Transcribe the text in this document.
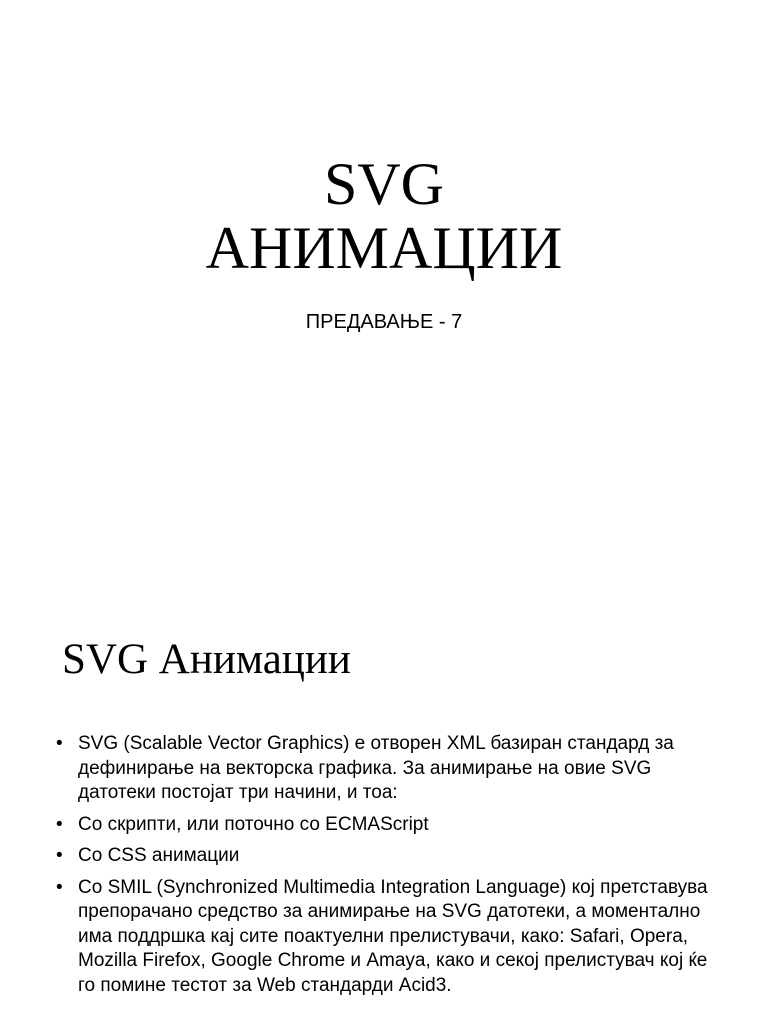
SVG
АНИМАЦИИ
ПРЕДАВАЊЕ - 7
SVG Анимации
• SVG (Scalable Vector Graphics) е отворен XML базиран стандард за дефинирање на векторска графика. За анимирање на овие SVG датотеки постојат три начини, и тоа:
• Со скрипти, или поточно со ECMAScript
• Со CSS анимации
• Со SMIL (Synchronized Multimedia Integration Language) кој претставува препорачано средство за анимирање на SVG датотеки, а моментално има поддршка кај сите поактуелни прелистувачи, како: Safari, Opera, Mozilla Firefox, Google Chrome и Amaya, како и секој прелистувач кој ќе го помине тестот за Web стандарди Acid3.
